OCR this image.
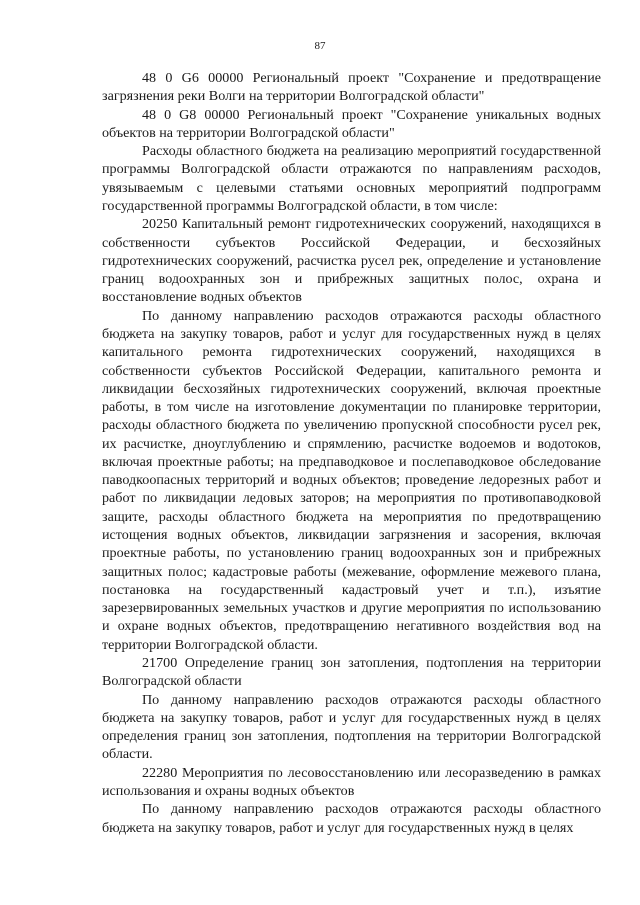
87

48 0 G6 00000 Региональный проект "Сохранение и предотвращение загрязнения реки Волги на территории Волгоградской области"

48 0 G8 00000 Региональный проект "Сохранение уникальных водных объектов на территории Волгоградской области"

Расходы областного бюджета на реализацию мероприятий государственной программы Волгоградской области отражаются по направлениям расходов, увязываемым с целевыми статьями основных мероприятий подпрограмм государственной программы Волгоградской области, в том числе:

20250 Капитальный ремонт гидротехнических сооружений, находящихся в собственности субъектов Российской Федерации, и бесхозяйных гидротехнических сооружений, расчистка русел рек, определение и установление границ водоохранных зон и прибрежных защитных полос, охрана и восстановление водных объектов

По данному направлению расходов отражаются расходы областного бюджета на закупку товаров, работ и услуг для государственных нужд в целях капитального ремонта гидротехнических сооружений, находящихся в собственности субъектов Российской Федерации, капитального ремонта и ликвидации бесхозяйных гидротехнических сооружений, включая проектные работы, в том числе на изготовление документации по планировке территории, расходы областного бюджета по увеличению пропускной способности русел рек, их расчистке, дноуглублению и спрямлению, расчистке водоемов и водотоков, включая проектные работы; на предпаводковое и послепаводковое обследование паводкоопасных территорий и водных объектов; проведение ледорезных работ и работ по ликвидации ледовых заторов; на мероприятия по противопаводковой защите, расходы областного бюджета на мероприятия по предотвращению истощения водных объектов, ликвидации загрязнения и засорения, включая проектные работы, по установлению границ водоохранных зон и прибрежных защитных полос; кадастровые работы (межевание, оформление межевого плана, постановка на государственный кадастровый учет и т.п.), изъятие зарезервированных земельных участков и другие мероприятия по использованию и охране водных объектов, предотвращению негативного воздействия вод на территории Волгоградской области.

21700 Определение границ зон затопления, подтопления на территории Волгоградской области

По данному направлению расходов отражаются расходы областного бюджета на закупку товаров, работ и услуг для государственных нужд в целях определения границ зон затопления, подтопления на территории Волгоградской области.

22280 Мероприятия по лесовосстановлению или лесоразведению в рамках использования и охраны водных объектов

По данному направлению расходов отражаются расходы областного бюджета на закупку товаров, работ и услуг для государственных нужд в целях
